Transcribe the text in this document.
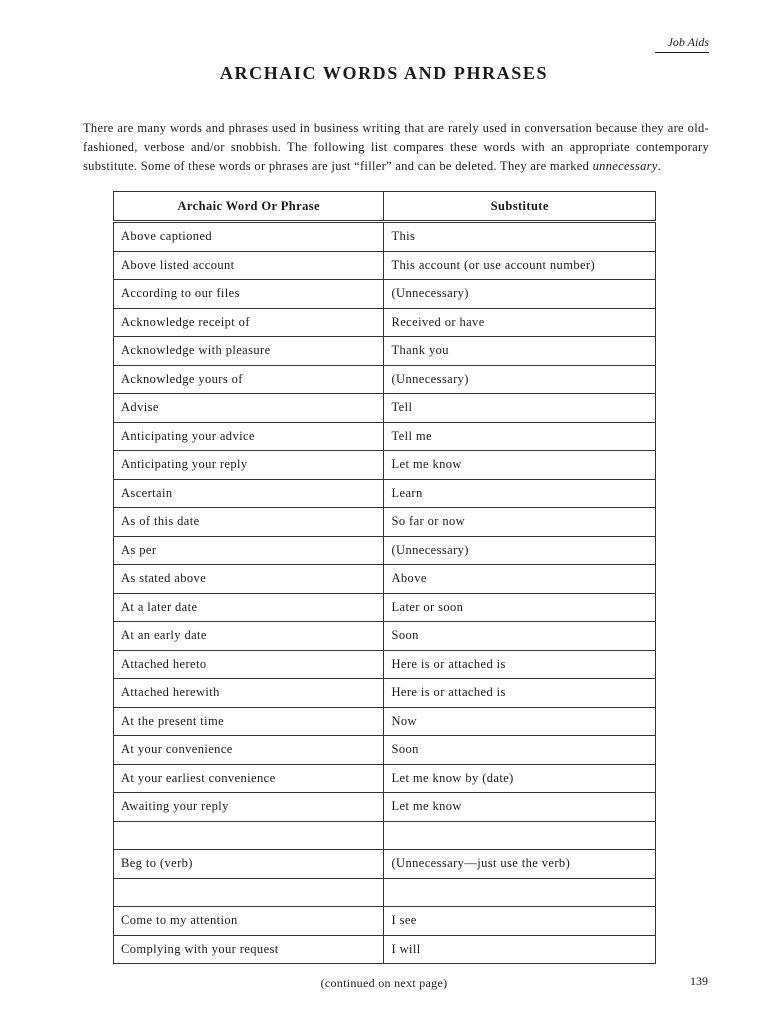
Job Aids
ARCHAIC WORDS AND PHRASES

There are many words and phrases used in business writing that are rarely used in conversation because they are old-fashioned, verbose and/or snobbish. The following list compares these words with an appropriate contemporary substitute. Some of these words or phrases are just “filler” and can be deleted. They are marked unnecessary.

Archaic Word Or Phrase	Substitute
Above captioned	This
Above listed account	This account (or use account number)
According to our files	(Unnecessary)
Acknowledge receipt of	Received or have
Acknowledge with pleasure	Thank you
Acknowledge yours of	(Unnecessary)
Advise	Tell
Anticipating your advice	Tell me
Anticipating your reply	Let me know
Ascertain	Learn
As of this date	So far or now
As per	(Unnecessary)
As stated above	Above
At a later date	Later or soon
At an early date	Soon
Attached hereto	Here is or attached is
Attached herewith	Here is or attached is
At the present time	Now
At your convenience	Soon
At your earliest convenience	Let me know by (date)
Awaiting your reply	Let me know

Beg to (verb)	(Unnecessary—just use the verb)

Come to my attention	I see
Complying with your request	I will
(continued on next page)	139
